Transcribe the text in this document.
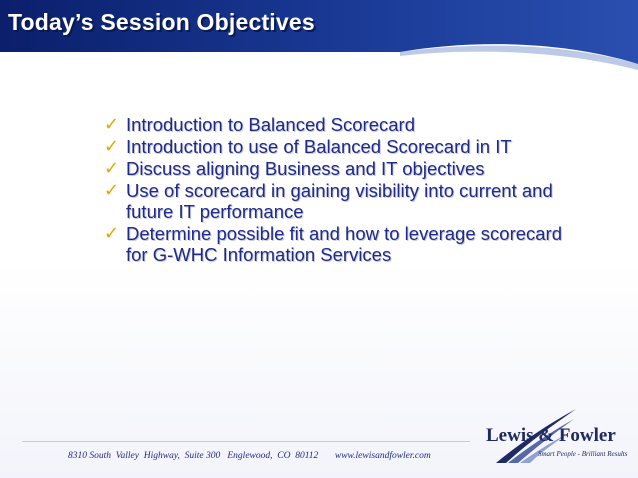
Today’s Session Objectives
✓ Introduction to Balanced Scorecard
✓ Introduction to use of Balanced Scorecard in IT
✓ Discuss aligning Business and IT objectives
✓ Use of scorecard in gaining visibility into current and future IT performance
✓ Determine possible fit and how to leverage scorecard for G-WHC Information Services

8310 South  Valley  Highway,  Suite 300   Englewood,  CO  80112       www.lewisandfowler.com

Lewis & Fowler

Smart People - Brilliant Results
